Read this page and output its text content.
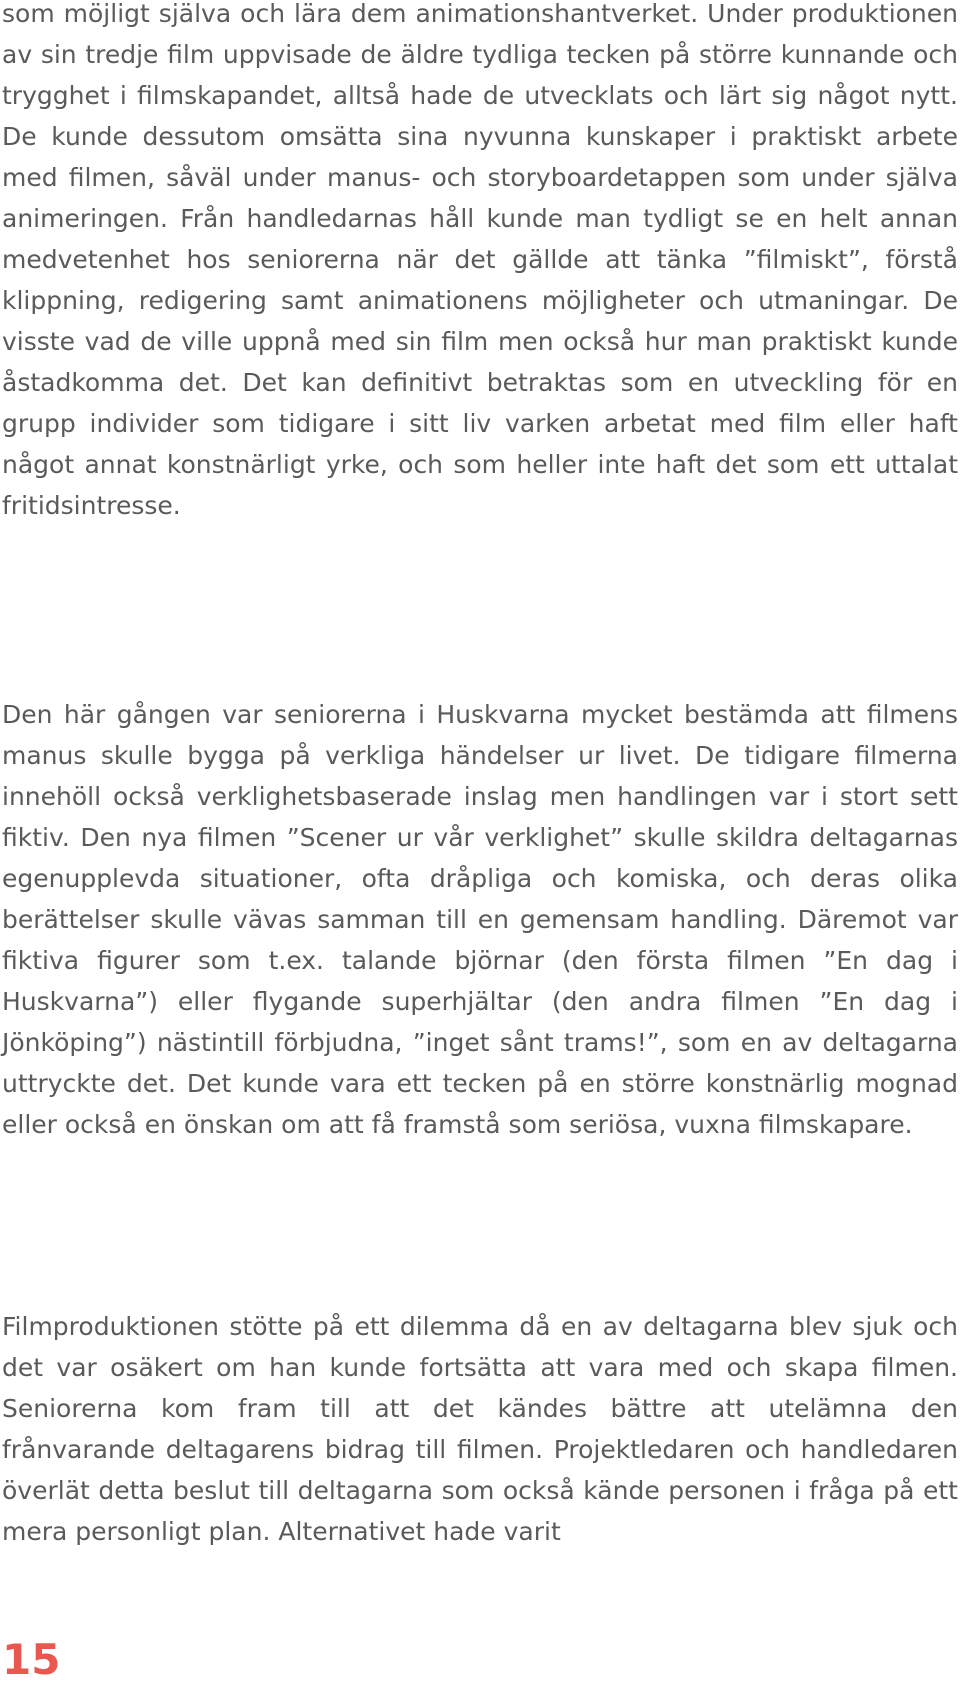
som möjligt själva och lära dem animationshantverket. Under produktionen av sin tredje film uppvisade de äldre tydliga tecken på större kunnande och trygghet i filmskapandet, alltså hade de utvecklats och lärt sig något nytt. De kunde dessutom omsätta sina nyvunna kunskaper i praktiskt arbete med filmen, såväl under manus- och storyboardetappen som under själva animeringen. Från handledarnas håll kunde man tydligt se en helt annan medvetenhet hos seniorerna när det gällde att tänka ”filmiskt”, förstå klippning, redigering samt animationens möjligheter och utmaningar. De visste vad de ville uppnå med sin film men också hur man praktiskt kunde åstadkomma det. Det kan definitivt betraktas som en utveckling för en grupp individer som tidigare i sitt liv varken arbetat med film eller haft något annat konstnärligt yrke, och som heller inte haft det som ett uttalat fritidsintresse.

Den här gången var seniorerna i Huskvarna mycket bestämda att filmens manus skulle bygga på verkliga händelser ur livet. De tidigare filmerna innehöll också verklighetsbaserade inslag men handlingen var i stort sett fiktiv. Den nya filmen ”Scener ur vår verklighet” skulle skildra deltagarnas egenupplevda situationer, ofta dråpliga och komiska, och deras olika berättelser skulle vävas samman till en gemensam handling. Däremot var fiktiva figurer som t.ex. talande björnar (den första filmen ”En dag i Huskvarna”) eller flygande superhjältar (den andra filmen ”En dag i Jönköping”) nästintill förbjudna, ”inget sånt trams!”, som en av deltagarna uttryckte det. Det kunde vara ett tecken på en större konstnärlig mognad eller också en önskan om att få framstå som seriösa, vuxna filmskapare.

Filmproduktionen stötte på ett dilemma då en av deltagarna blev sjuk och det var osäkert om han kunde fortsätta att vara med och skapa filmen. Seniorerna kom fram till att det kändes bättre att utelämna den frånvarande deltagarens bidrag till filmen. Projektledaren och handledaren överlät detta beslut till deltagarna som också kände personen i fråga på ett mera personligt plan. Alternativet hade varit

15
